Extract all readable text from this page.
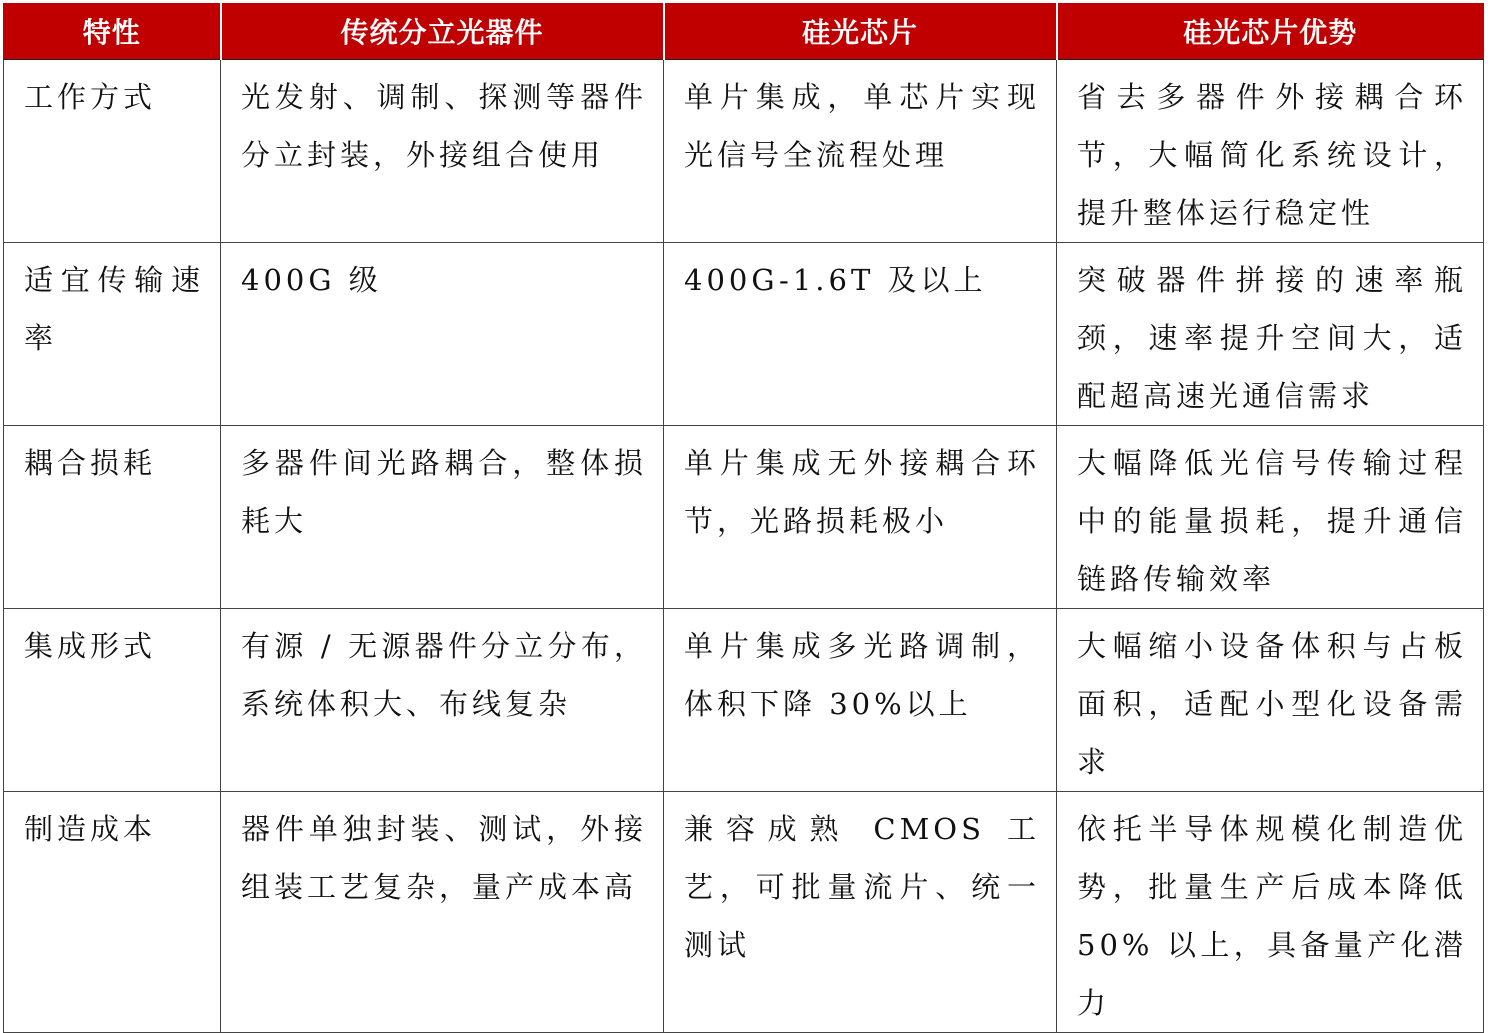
特性	传统分立光器件	硅光芯片	硅光芯片优势
工作方式	光发射、调制、探测等器件分立封装，外接组合使用	单片集成，单芯片实现光信号全流程处理	省去多器件外接耦合环节，大幅简化系统设计，提升整体运行稳定性
适宜传输速率	400G 级	400G-1.6T 及以上	突破器件拼接的速率瓶颈，速率提升空间大，适配超高速光通信需求
耦合损耗	多器件间光路耦合，整体损耗大	单片集成无外接耦合环节，光路损耗极小	大幅降低光信号传输过程中的能量损耗，提升通信链路传输效率
集成形式	有源 / 无源器件分立分布，系统体积大、布线复杂	单片集成多光路调制，体积下降 30%以上	大幅缩小设备体积与占板面积，适配小型化设备需求
制造成本	器件单独封装、测试，外接组装工艺复杂，量产成本高	兼容成熟 CMOS 工艺，可批量流片、统一测试	依托半导体规模化制造优势，批量生产后成本降低 50% 以上，具备量产化潜力
